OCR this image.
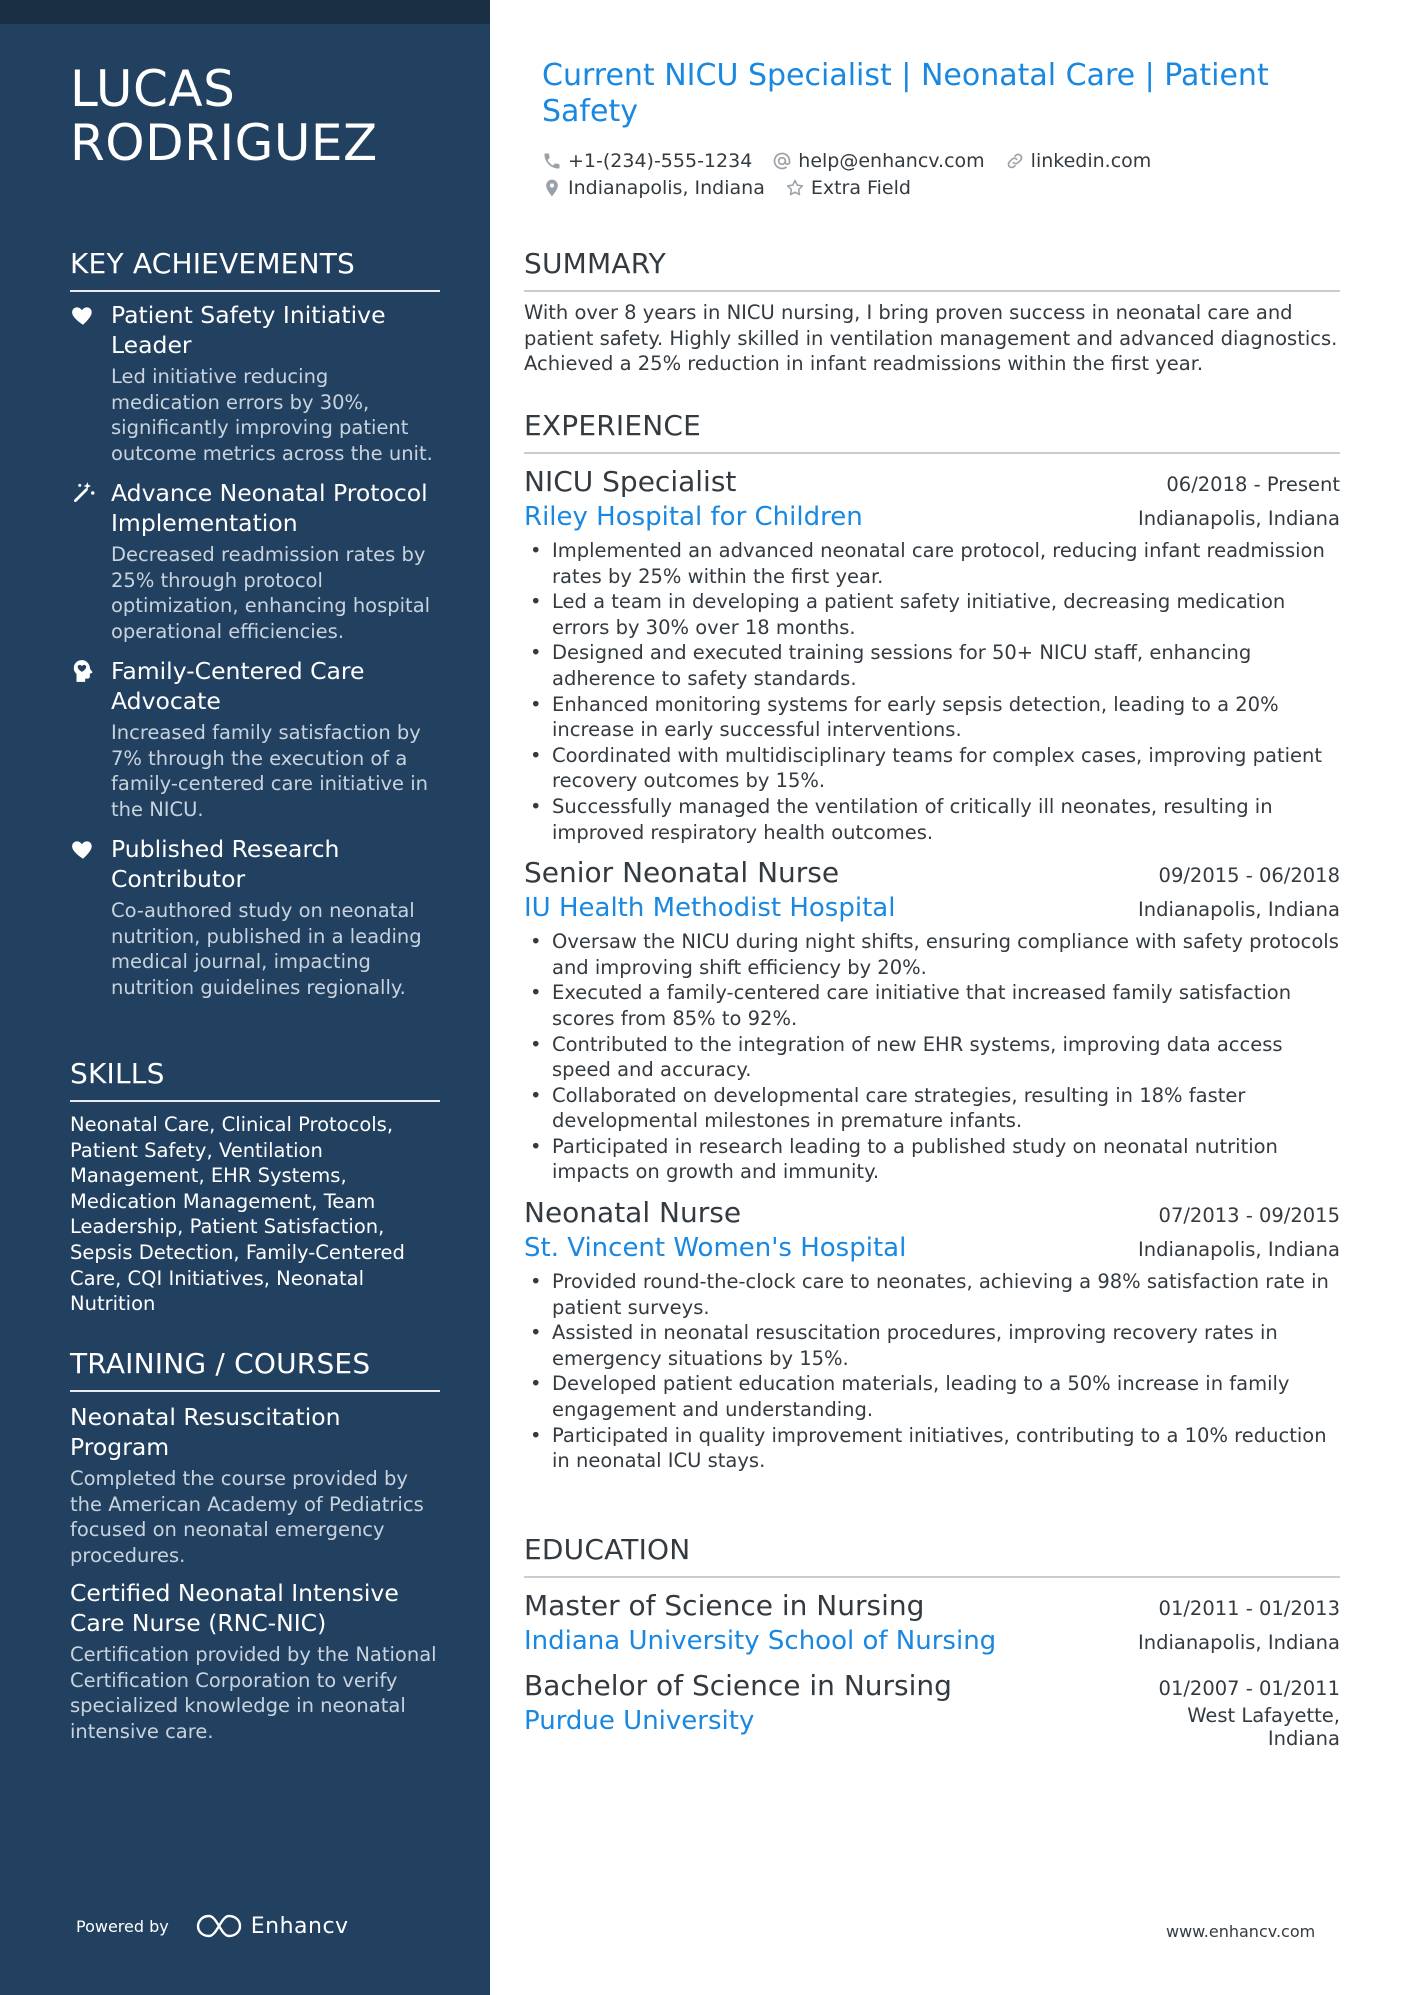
LUCAS RODRIGUEZ
KEY ACHIEVEMENTS
Patient Safety Initiative Leader
Led initiative reducing medication errors by 30%, significantly improving patient outcome metrics across the unit.
Advance Neonatal Protocol Implementation
Decreased readmission rates by 25% through protocol optimization, enhancing hospital operational efficiencies.
Family-Centered Care Advocate
Increased family satisfaction by 7% through the execution of a family-centered care initiative in the NICU.
Published Research Contributor
Co-authored study on neonatal nutrition, published in a leading medical journal, impacting nutrition guidelines regionally.
SKILLS
Neonatal Care, Clinical Protocols, Patient Safety, Ventilation Management, EHR Systems, Medication Management, Team Leadership, Patient Satisfaction, Sepsis Detection, Family-Centered Care, CQI Initiatives, Neonatal Nutrition
TRAINING / COURSES
Neonatal Resuscitation Program
Completed the course provided by the American Academy of Pediatrics focused on neonatal emergency procedures.
Certified Neonatal Intensive Care Nurse (RNC-NIC)
Certification provided by the National Certification Corporation to verify specialized knowledge in neonatal intensive care.
Powered by	Enhancv
Current NICU Specialist | Neonatal Care | Patient Safety
+1-(234)-555-1234 help@enhancv.com linkedin.com
Indianapolis, Indiana Extra Field
SUMMARY
With over 8 years in NICU nursing, I bring proven success in neonatal care and patient safety. Highly skilled in ventilation management and advanced diagnostics. Achieved a 25% reduction in infant readmissions within the first year.
EXPERIENCE
NICU Specialist	06/2018 - Present
Riley Hospital for Children	Indianapolis, Indiana
• Implemented an advanced neonatal care protocol, reducing infant readmission rates by 25% within the first year.
• Led a team in developing a patient safety initiative, decreasing medication errors by 30% over 18 months.
• Designed and executed training sessions for 50+ NICU staff, enhancing adherence to safety standards.
• Enhanced monitoring systems for early sepsis detection, leading to a 20% increase in early successful interventions.
• Coordinated with multidisciplinary teams for complex cases, improving patient recovery outcomes by 15%.
• Successfully managed the ventilation of critically ill neonates, resulting in improved respiratory health outcomes.
Senior Neonatal Nurse	09/2015 - 06/2018
IU Health Methodist Hospital	Indianapolis, Indiana
• Oversaw the NICU during night shifts, ensuring compliance with safety protocols and improving shift efficiency by 20%.
• Executed a family-centered care initiative that increased family satisfaction scores from 85% to 92%.
• Contributed to the integration of new EHR systems, improving data access speed and accuracy.
• Collaborated on developmental care strategies, resulting in 18% faster developmental milestones in premature infants.
• Participated in research leading to a published study on neonatal nutrition impacts on growth and immunity.
Neonatal Nurse	07/2013 - 09/2015
St. Vincent Women's Hospital	Indianapolis, Indiana
• Provided round-the-clock care to neonates, achieving a 98% satisfaction rate in patient surveys.
• Assisted in neonatal resuscitation procedures, improving recovery rates in emergency situations by 15%.
• Developed patient education materials, leading to a 50% increase in family engagement and understanding.
• Participated in quality improvement initiatives, contributing to a 10% reduction in neonatal ICU stays.
EDUCATION
Master of Science in Nursing	01/2011 - 01/2013
Indiana University School of Nursing	Indianapolis, Indiana
Bachelor of Science in Nursing	01/2007 - 01/2011
Purdue University	West Lafayette, Indiana
www.enhancv.com
